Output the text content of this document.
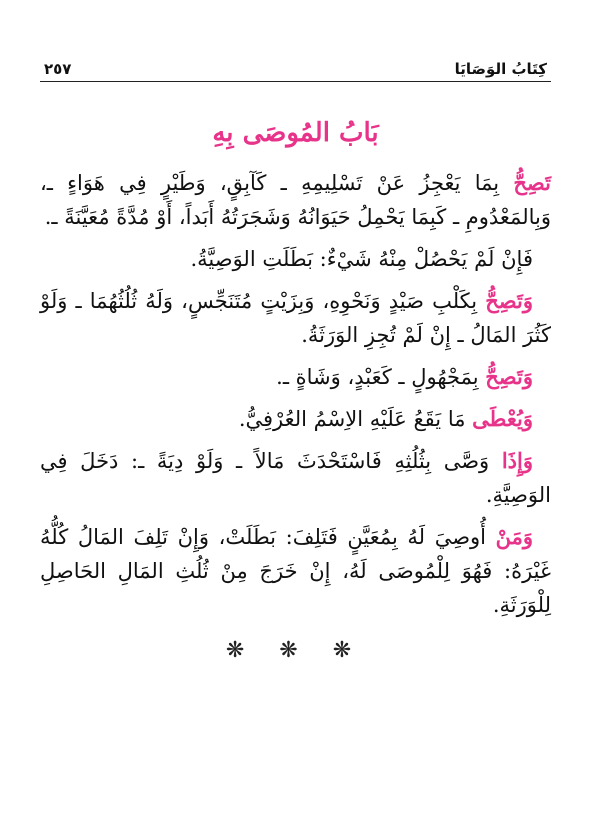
كِتَابُ الوَصَايَا
٢٥٧
بَابُ المُوصَى بِهِ

تَصِحُّ بِمَا يَعْجِزُ عَنْ تَسْلِيمِهِ ـ كَآبِقٍ، وَطَيْرٍ فِي هَوَاءٍ ـ، وَبِالمَعْدُومِ ـ كَبِمَا يَحْمِلُ حَيَوَانُهُ وَشَجَرَتُهُ أَبَداً، أَوْ مُدَّةً مُعَيَّنَةً ـ.

فَإِنْ لَمْ يَحْصُلْ مِنْهُ شَيْءٌ: بَطَلَتِ الوَصِيَّةُ.

وَتَصِحُّ بِكَلْبِ صَيْدٍ وَنَحْوِهِ، وَبِزَيْتٍ مُتَنَجِّسٍ، وَلَهُ ثُلُثُهُمَا ـ وَلَوْ كَثُرَ المَالُ ـ إِنْ لَمْ تُجِزِ الوَرَثَةُ.

وَتَصِحُّ بِمَجْهُولٍ ـ كَعَبْدٍ، وَشَاةٍ ـ.

وَيُعْطَى مَا يَقَعُ عَلَيْهِ الاِسْمُ العُرْفِيُّ.

وَإِذَا وَصَّى بِثُلُثِهِ فَاسْتَحْدَثَ مَالاً ـ وَلَوْ دِيَةً ـ: دَخَلَ فِي الوَصِيَّةِ.

وَمَنْ أُوصِيَ لَهُ بِمُعَيَّنٍ فَتَلِفَ: بَطَلَتْ، وَإِنْ تَلِفَ المَالُ كُلُّهُ غَيْرَهُ: فَهُوَ لِلْمُوصَى لَهُ، إِنْ خَرَجَ مِنْ ثُلُثِ المَالِ الحَاصِلِ لِلْوَرَثَةِ.

❋ ❋ ❋
